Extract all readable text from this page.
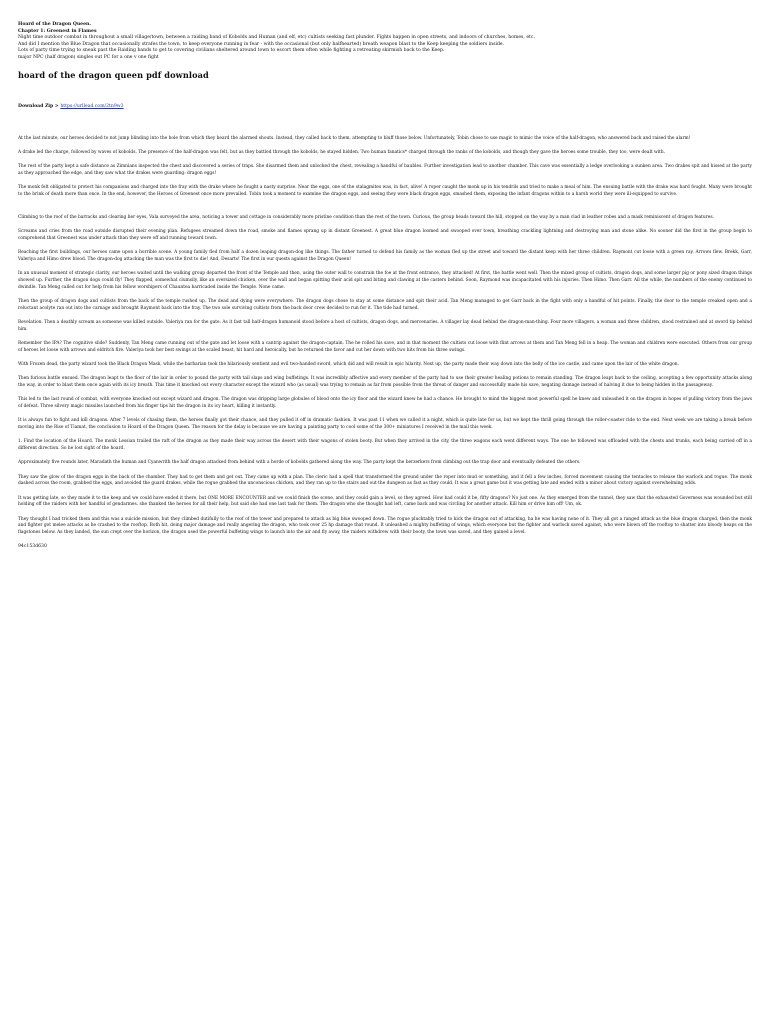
Hoard of the Dragon Queen.
Chapter 1: Greenest in Flames
Night time outdoor combat in throughout a small village/town, between a raiding band of Kobolds and Human (and elf, etc) cultists seeking fast plunder. Fights happen in open streets, and indoors of churches, homes, etc.
And did I mention the Blue Dragon that occasionally strafes the town, to keep everyone running in fear - with the occasional (but only halfhearted) breath weapon blast to the Keep keeping the soldiers inside.
Lots of party time trying to sneak past the Raiding bands to get to covering civilians sheltered around town to escort them often while fighting a retreating skirmish back to the Keep.
major NPC (half dragon) singles out PC for a one v one fight
hoard of the dragon queen pdf download
Download Zip > https://urllead.com/2tn9w3

At the last minute, our heroes decided to not jump blinding into the hole from which they heard the alarmed shouts. Instead, they called back to them, attempting to bluff those below. Unfortunately, Tobin chose to use magic to mimic the voice of the half-dragon, who answered back and raised the alarm!

A drake led the charge, followed by waves of kobolds. The presence of the half-dragon was felt, but as they battled through the kobolds, he stayed hidden. Two human fanatics* charged through the ranks of the kobolds, and though they gave the heroes some trouble, they too, were dealt with.

The rest of the party kept a safe distance as Zimnians inspected the chest and discovered a series of traps. She disarmed them and unlocked the chest, revealing a handful of baubles. Further investigation lead to another chamber. This cave was essentially a ledge overlooking a sunken area. Two drakes spit and hissed at the party as they approached the edge, and they saw what the drakes were guarding: dragon eggs!

The monk felt obligated to protect his companions and charged into the fray with the drake where he fought a nasty surprise. Near the eggs, one of the stalagmites was, in fact, alive! A roper caught the monk up in his tendrils and tried to make a meal of him. The ensuing battle with the drake was hard fought. Many were brought to the brink of death more than once. In the end, however, the Heroes of Greenest once more prevailed. Tobin took a moment to examine the dragon eggs, and seeing they were black dragon eggs, smashed them, exposing the infant dragons within to a harsh world they were ill-equipped to survive.

Climbing to the roof of the barracks and clearing her eyes, Vala surveyed the area, noticing a tower and cottage in considerably more pristine condition than the rest of the town. Curious, the group heads toward the hill, stopped on the way by a man clad in leather robes and a mask reminiscent of dragon features.

Screams and cries from the road outside disrupted their evening plan. Refugees streamed down the road, smoke and flames sprang up in distant Greenest. A great blue dragon loomed and swooped over town, breathing crackling lightning and destroying man and stone alike. No sooner did the first in the group begin to comprehend that Greenest was under attack than they were off and running toward town.

Reaching the first buildings, our heroes came upon a horrible scene. A young family fled from half a dozen leaping dragon-dog like things. The father turned to defend his family as the woman fled up the street and toward the distant keep with her three children. Raymont cut loose with a green ray. Arrows flew. Brekk, Garr, Valeriya and Himo drew blood. The dragon-dog attacking the man was the first to die! And, Desarts! The first in our quests against the Dragon Queen!

In an unusual moment of strategic clarity, our heroes waited until the walking group departed the front of the Temple and then, using the outer wall to constrain the foe at the front entrance, they attacked! At first, the battle went well. Then the mixed group of cultists, dragon dogs, and some larger pig or pony sized dragon things showed up. Further, the dragon dogs could fly! They flapped, somewhat clumsily, like an oversized chicken, over the wall and began spitting their acid spit and biting and clawing at the casters behind. Soon, Raymond was incapacitated with his injuries. Then Himo. Then Garr. All the while, the numbers of the enemy continued to dwindle. Tan Meng called out for help from his fellow worshipers of Chauntea barricaded inside the Temple. None came.

Then the group of dragon dogs and cultists from the back of the temple rushed up. The dead and dying were everywhere. The dragon dogs chose to stay at some distance and spit their acid. Tan Meng managed to get Garr back in the fight with only a handful of hit points. Finally, the door to the temple creaked open and a reluctant acolyte ran out into the carnage and brought Raymont back into the fray. The two sole surviving cultists from the back door crew decided to run for it. The tide had turned.

Revelation. Then a deathly scream as someone was killed outside. Valeriya ran for the gate. As it fast tall half-dragon humanoid stood before a host of cultists, dragon dogs, and mercenaries. A villager lay dead behind the dragon-man-thing. Four more villagers, a woman and three children, stood restrained and at sword tip behind him.

Remember the IPA? The cognitive slide? Suddenly, Tan Meng came running out of the gate and let loose with a cantrip against the dragon-captain. The he rolled his save, and in that moment the cultists cut loose with flint arrows at them and Tan Meng fell in a heap. The woman and children were executed. Others from our group of heroes let loose with arrows and eldritch fire. Valeriya took her best swings at the scaled beast, hit hard and heroically, but he returned the favor and cut her down with two hits from his three swings.

With Frozen dead, the party wizard took the Black Dragon Mask, while the barbarian took the hilariously sentient and evil two-handed sword, which did and will result in epic hilarity. Next up, the party made their way down into the belly of the ice castle, and came upon the lair of the white dragon.

Then furious battle ensued. The dragon leapt to the floor of the lair in order to pound the party with tail slaps and wing buffetings. It was incredibly affective and every member of the party had to use their greater healing potions to remain standing. The dragon leapt back to the ceiling, accepting a few opportunity attacks along the way, in order to blast them once again with its icy breath. This time it knocked out every character except the wizard who (as usual) was trying to remain as far from possible from the threat of danger and successfully made his save, negating damage instead of halving it due to being hidden in the passageway.

This led to the last round of combat, with everyone knocked out except wizard and dragon. The dragon was dripping large globules of blood onto the icy floor and the wizard knew he had a chance. He brought to mind the biggest most powerful spell he knew and unleashed it on the dragon in hopes of pulling victory from the jaws of defeat. Three silvery magic missiles launched from his finger tips hit the dragon in its icy heart, killing it instantly.

It is always fun to fight and kill dragons. After 7 levels of chasing them, the heroes finally got their chance, and they pulled it off in dramatic fashion. It was past 11 when we called it a night, which is quite late for us, but we kept the thrill going through the roller-coaster ride to the end. Next week we are taking a break before moving into the Rise of Tiamat, the conclusion to Hoard of the Dragon Queen. The reason for the delay is because we are having a painting party to cool some of the 300+ miniatures I received in the mail this week.

1. Find the location of the Hoard. The monk Lessian trailed the raft of the dragon as they made their way across the desert with their wagons of stolen booty. But when they arrived in the city, the three wagons each went different ways. The one he followed was offloaded with the chests and trunks, each being carried off in a different direction. So he lost sight of the hoard.

Approximately five rounds later, Maradath the human and Cyanwrith the half dragon attacked from behind with a horde of kobolds gathered along the way. The party kept the berzerkers from climbing out the trap door and eventually defeated the others.

They saw the glow of the dragon eggs in the back of the chamber. They had to get them and get out. They came up with a plan. The cleric had a spell that transformed the ground under the roper into mud or something, and it fell a few inches, forced movement causing the tentacles to release the warlock and rogue. The monk dashed across the room, grabbed the eggs, and avoided the guard drakes, while the rogue grabbed the unconscious chicken, and they ran up to the stairs and out the dungeon as fast as they could. It was a great game but it was getting late and ended with a minor about victory against overwhelming odds.

It was getting late, so they made it to the keep and we could have ended it there, but ONE MORE ENCOUNTER and we could finish the scene, and they could gain a level, so they agreed. How bad could it be, fifty dragons? No just one. As they emerged from the tunnel, they saw that the exhausted Governess was wounded but still holding off the raiders with her handful of gendarmes. she thanked the heroes for all their help, but said she had one last task for them. The dragon who she thought had left, came back and was circling for another attack. Kill him or drive him off! Um, ok.

They thought I had tricked them and this was a suicide mission, but they climbed dutifully to the roof of the tower and prepared to attack as big blue swooped down. The rogue plucktably tried to kick the dragon out of attacking, ha he was having none of it. They all got a ranged attack as the blue dragon charged, then the monk and fighter got melee attacks as he crashed to the rooftop. Both hit, doing major damage and really angering the dragon, who took over 25 hp damage that round. It unleashed a mighty buffeting of wings, which everyone but the fighter and warlock saved against, who were blown off the rooftop to shatter into bloody heaps on the flagstones below. As they landed, the sun crept over the horizon, the dragon used the powerful buffeting wings to launch into the air and fly away, the raiders withdrew with their booty, the town was saved, and they gained a level.

94c153d630
